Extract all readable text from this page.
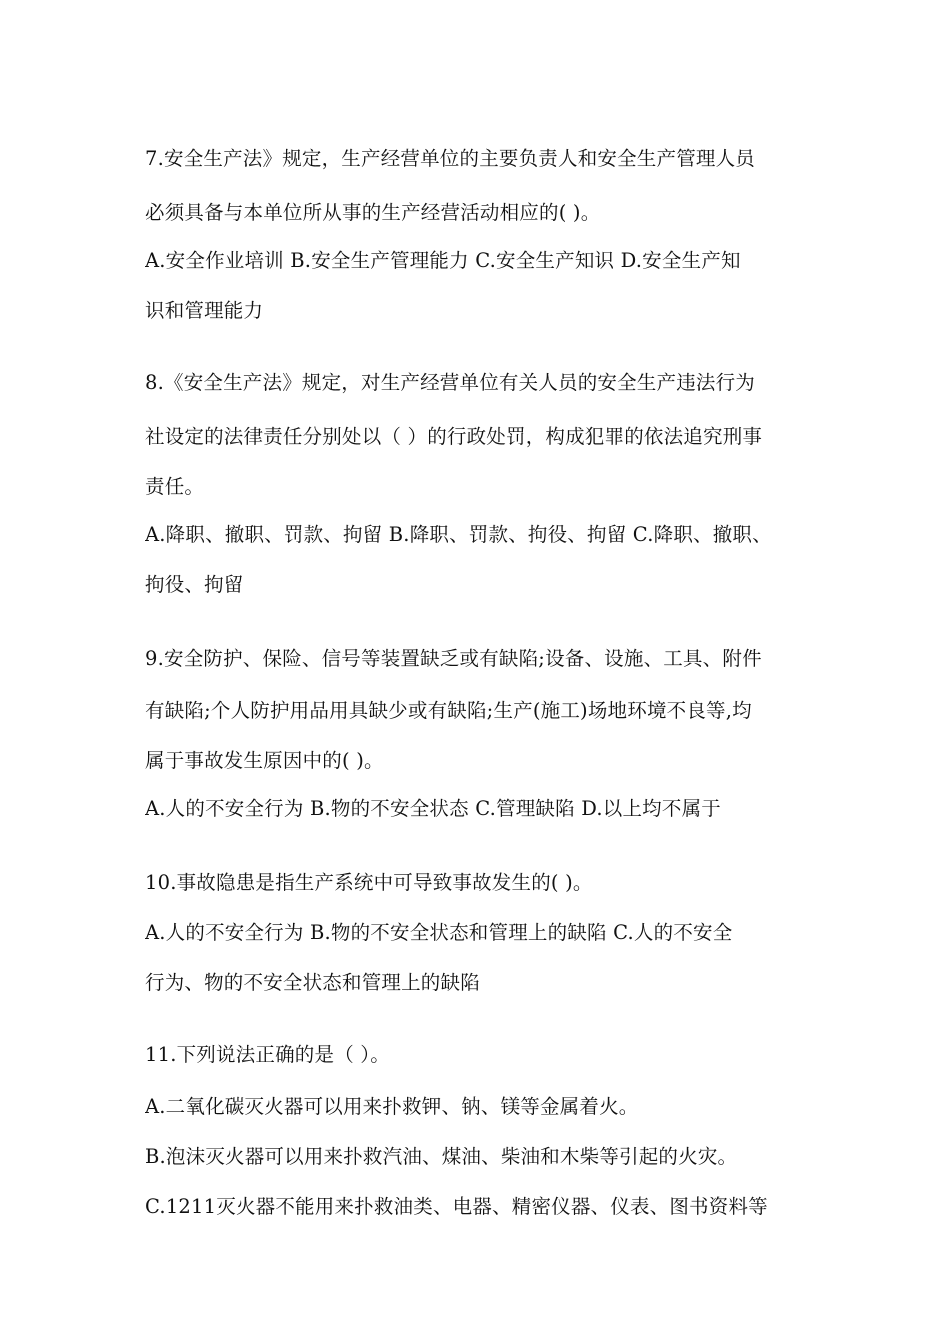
7.安全生产法》规定，生产经营单位的主要负责人和安全生产管理人员
必须具备与本单位所从事的生产经营活动相应的( )。
A.安全作业培训 B.安全生产管理能力 C.安全生产知识 D.安全生产知
识和管理能力
8.《安全生产法》规定，对生产经营单位有关人员的安全生产违法行为
社设定的法律责任分别处以（ ）的行政处罚，构成犯罪的依法追究刑事
责任。
A.降职、撤职、罚款、拘留 B.降职、罚款、拘役、拘留 C.降职、撤职、
拘役、拘留
9.安全防护、保险、信号等装置缺乏或有缺陷;设备、设施、工具、附件
有缺陷;个人防护用品用具缺少或有缺陷;生产(施工)场地环境不良等,均
属于事故发生原因中的( )。
A.人的不安全行为 B.物的不安全状态 C.管理缺陷 D.以上均不属于
10.事故隐患是指生产系统中可导致事故发生的( )。
A.人的不安全行为 B.物的不安全状态和管理上的缺陷 C.人的不安全
行为、物的不安全状态和管理上的缺陷
11.下列说法正确的是（ ）。
A.二氧化碳灭火器可以用来扑救钾、钠、镁等金属着火。
B.泡沫灭火器可以用来扑救汽油、煤油、柴油和木柴等引起的火灾。
C.1211灭火器不能用来扑救油类、电器、精密仪器、仪表、图书资料等
